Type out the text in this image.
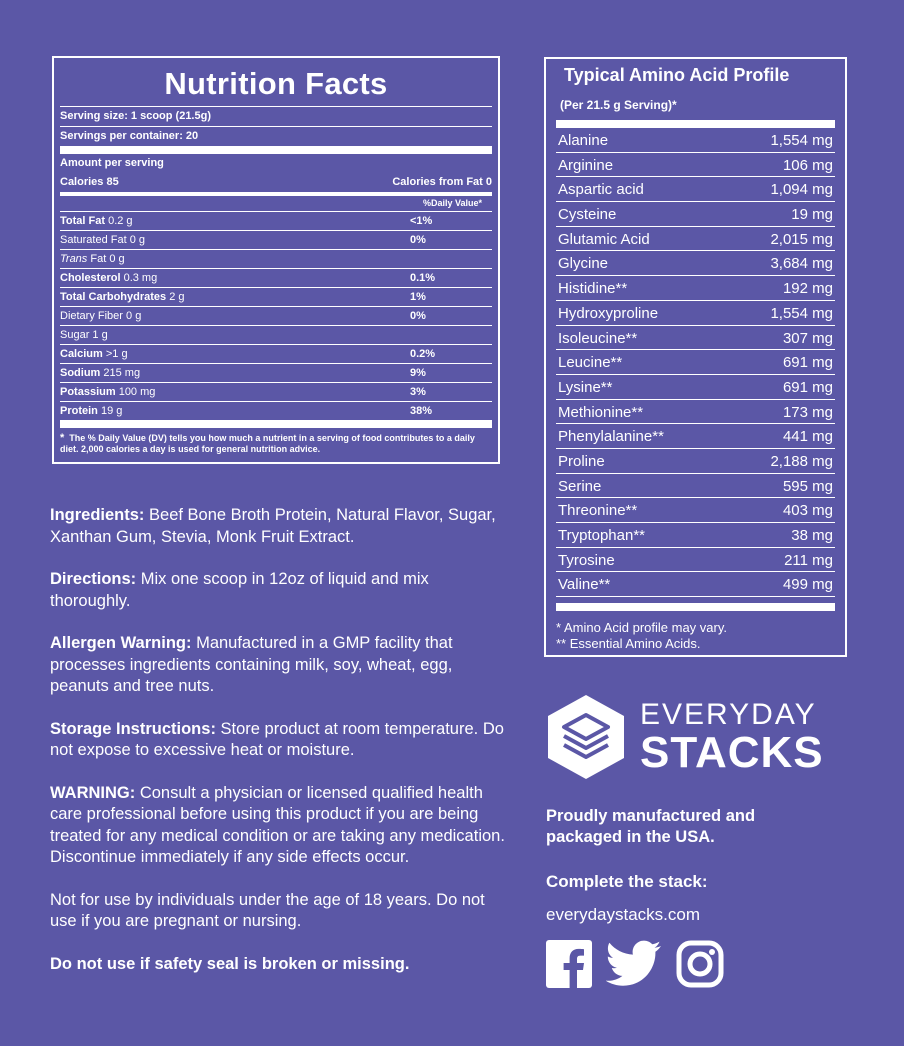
Nutrition Facts
Serving size: 1 scoop (21.5g)
Servings per container: 20
Amount per serving
Calories 85	Calories from Fat 0
%Daily Value*
Total Fat 0.2 g	<1%
Saturated Fat 0 g	0%
Trans Fat 0 g
Cholesterol 0.3 mg	0.1%
Total Carbohydrates 2 g	1%
Dietary Fiber 0 g	0%
Sugar 1 g
Calcium >1 g	0.2%
Sodium 215 mg	9%
Potassium 100 mg	3%
Protein 19 g	38%
* The % Daily Value (DV) tells you how much a nutrient in a serving of food contributes to a daily diet. 2,000 calories a day is used for general nutrition advice.
Typical Amino Acid Profile
(Per 21.5 g Serving)*
Alanine	1,554 mg
Arginine	106 mg
Aspartic acid	1,094 mg
Cysteine	19 mg
Glutamic Acid	2,015 mg
Glycine	3,684 mg
Histidine**	192 mg
Hydroxyproline	1,554 mg
Isoleucine**	307 mg
Leucine**	691 mg
Lysine**	691 mg
Methionine**	173 mg
Phenylalanine**	441 mg
Proline	2,188 mg
Serine	595 mg
Threonine**	403 mg
Tryptophan**	38 mg
Tyrosine	211 mg
Valine**	499 mg
* Amino Acid profile may vary.
** Essential Amino Acids.

Ingredients: Beef Bone Broth Protein, Natural Flavor, Sugar, Xanthan Gum, Stevia, Monk Fruit Extract.

Directions: Mix one scoop in 12oz of liquid and mix thoroughly.

Allergen Warning: Manufactured in a GMP facility that processes ingredients containing milk, soy, wheat, egg, peanuts and tree nuts.

Storage Instructions: Store product at room temperature. Do not expose to excessive heat or moisture.

WARNING: Consult a physician or licensed qualified health care professional before using this product if you are being treated for any medical condition or are taking any medication. Discontinue immediately if any side effects occur.

Not for use by individuals under the age of 18 years. Do not use if you are pregnant or nursing.

Do not use if safety seal is broken or missing.

EVERYDAY
STACKS
Proudly manufactured and packaged in the USA.
Complete the stack:
everydaystacks.com
